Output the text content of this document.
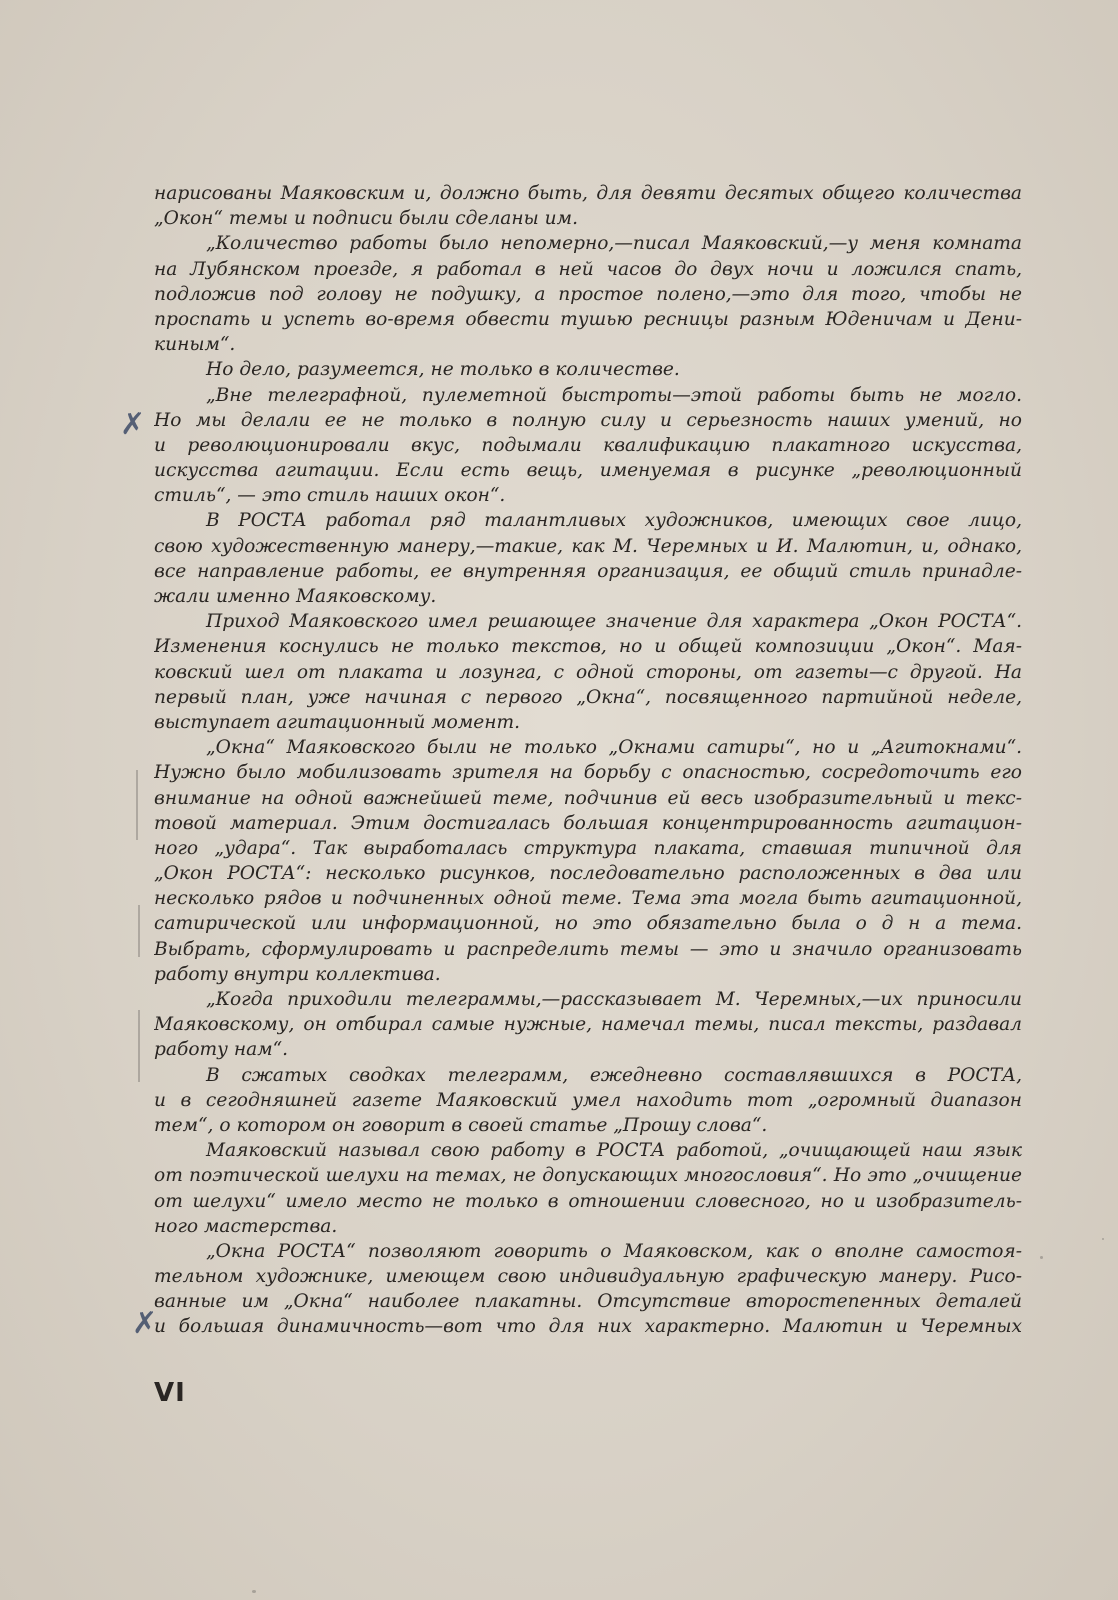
нарисованы Маяковским и, должно быть, для девяти десятых общего количества
„Окон“ темы и подписи были сделаны им.
„Количество работы было непомерно,—писал Маяковский,—у меня комната
на Лубянском проезде, я работал в ней часов до двух ночи и ложился спать,
подложив под голову не подушку, а простое полено,—это для того, чтобы не
проспать и успеть во-время обвести тушью ресницы разным Юденичам и Дени-
киным“.
Но дело, разумеется, не только в количестве.
„Вне телеграфной, пулеметной быстроты—этой работы быть не могло.
Но мы делали ее не только в полную силу и серьезность наших умений, но
и революционировали вкус, подымали квалификацию плакатного искусства,
искусства агитации. Если есть вещь, именуемая в рисунке „революционный
стиль“, — это стиль наших окон“.
В РОСТА работал ряд талантливых художников, имеющих свое лицо,
свою художественную манеру,—такие, как М. Черемных и И. Малютин, и, однако,
все направление работы, ее внутренняя организация, ее общий стиль принадле-
жали именно Маяковскому.
Приход Маяковского имел решающее значение для характера „Окон РОСТА“.
Изменения коснулись не только текстов, но и общей композиции „Окон“. Мая-
ковский шел от плаката и лозунга, с одной стороны, от газеты—с другой. На
первый план, уже начиная с первого „Окна“, посвященного партийной неделе,
выступает агитационный момент.
„Окна“ Маяковского были не только „Окнами сатиры“, но и „Агитокнами“.
Нужно было мобилизовать зрителя на борьбу с опасностью, сосредоточить его
внимание на одной важнейшей теме, подчинив ей весь изобразительный и текс-
товой материал. Этим достигалась большая концентрированность агитацион-
ного „удара“. Так выработалась структура плаката, ставшая типичной для
„Окон РОСТА“: несколько рисунков, последовательно расположенных в два или
несколько рядов и подчиненных одной теме. Тема эта могла быть агитационной,
сатирической или информационной, но это обязательно была о д н а тема.
Выбрать, сформулировать и распределить темы — это и значило организовать
работу внутри коллектива.
„Когда приходили телеграммы,—рассказывает М. Черемных,—их приносили
Маяковскому, он отбирал самые нужные, намечал темы, писал тексты, раздавал
работу нам“.
В сжатых сводках телеграмм, ежедневно составлявшихся в РОСТА,
и в сегодняшней газете Маяковский умел находить тот „огромный диапазон
тем“, о котором он говорит в своей статье „Прошу слова“.
Маяковский называл свою работу в РОСТА работой, „очищающей наш язык
от поэтической шелухи на темах, не допускающих многословия“. Но это „очищение
от шелухи“ имело место не только в отношении словесного, но и изобразитель-
ного мастерства.
„Окна РОСТА“ позволяют говорить о Маяковском, как о вполне самостоя-
тельном художнике, имеющем свою индивидуальную графическую манеру. Рисо-
ванные им „Окна“ наиболее плакатны. Отсутствие второстепенных деталей
и большая динамичность—вот что для них характерно. Малютин и Черемных
VI
✗
✗
